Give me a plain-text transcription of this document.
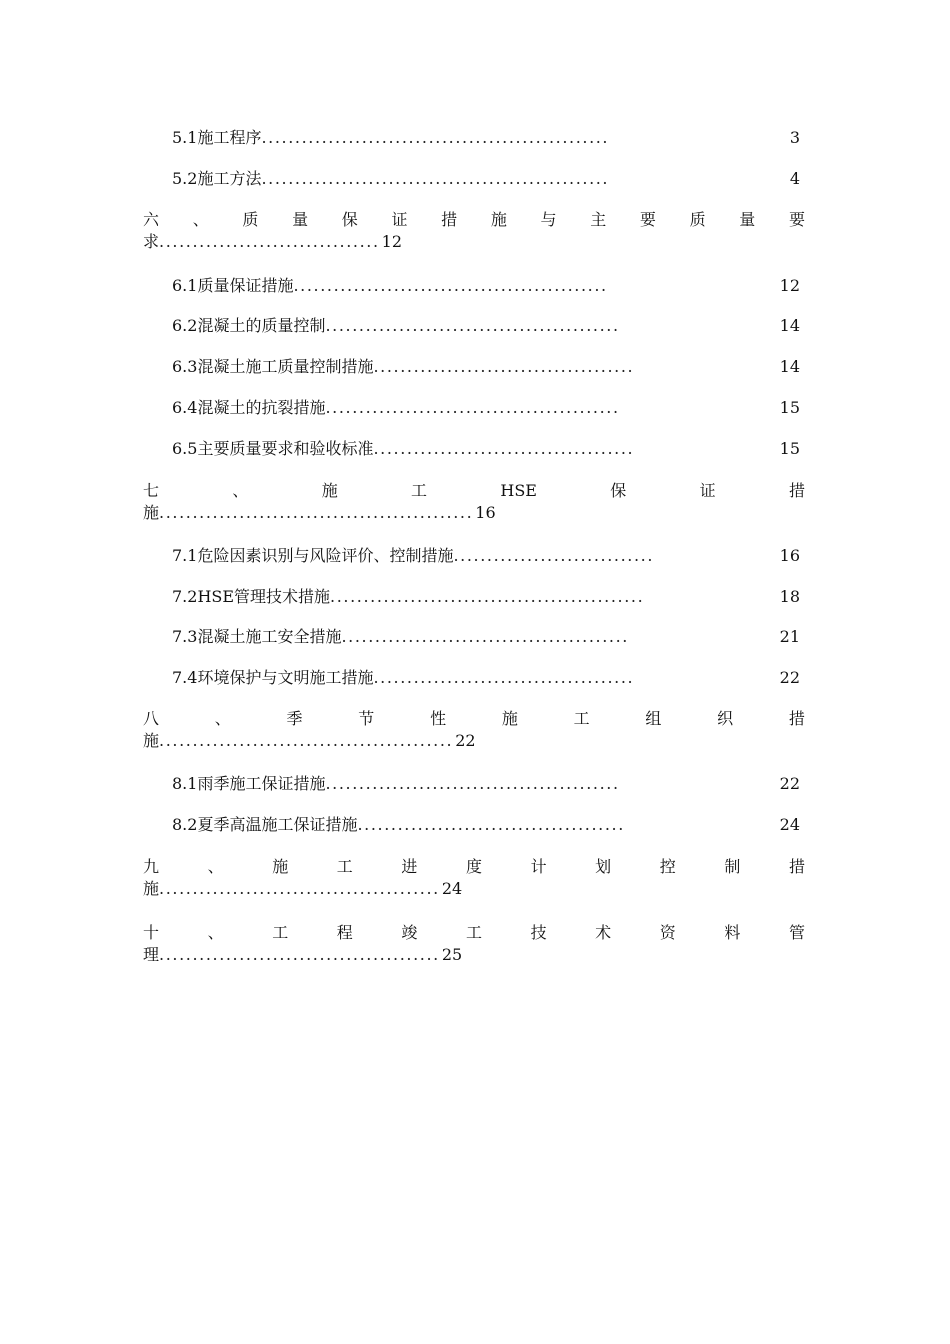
5.1施工程序 ....................................................	3
5.2施工方法 ....................................................	4
六 、 质 量 保 证 措 施 与 主 要 质 量 要
求 ................................. 12
6.1质量保证措施 ...............................................	12
6.2混凝土的质量控制 ............................................	14
6.3混凝土施工质量控制措施 .......................................	14
6.4混凝土的抗裂措施 ............................................	15
6.5主要质量要求和验收标准 .......................................	15
七	、	施	工	HSE	保	证	措
施 ............................................... 16
7.1危险因素识别与风险评价、控制措施 ..............................	16
7.2HSE管理技术措施 ...............................................	18
7.3混凝土施工安全措施 ...........................................	21
7.4环境保护与文明施工措施 .......................................	22
八	、	季	节	性	施	工	组	织	措
施 ............................................ 22
8.1雨季施工保证措施 ............................................	22
8.2夏季高温施工保证措施 ........................................	24
九	、	施	工	进	度	计	划	控	制	措
施 .......................................... 24
十	、	工	程	竣	工	技	术	资	料	管
理 .......................................... 25
